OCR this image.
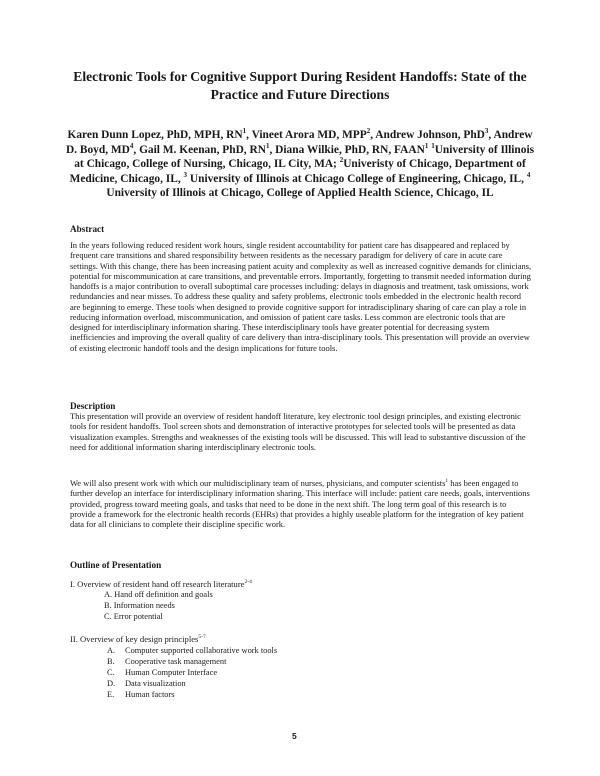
Electronic Tools for Cognitive Support During Resident Handoffs: State of the Practice and Future Directions
Karen Dunn Lopez, PhD, MPH, $RN^1$, Vineet Arora MD, MPP$^2$, Andrew Johnson, PhD$^3$, Andrew D. Boyd, $MD^4$, Gail M. Keenan, PhD, $RN^1$, Diana Wilkie, PhD, RN, FAAN$^1$ $^1$University of Illinois at Chicago, College of Nursing, Chicago, IL City, MA; $^2$Univeristy of Chicago, Department of Medicine, Chicago, IL, $^3$ University of Illinois at Chicago College of Engineering, Chicago, IL, $^4$ University of Illinois at Chicago, College of Applied Health Science, Chicago, IL
Abstract
In the years following reduced resident work hours, single resident accountability for patient care has disappeared and replaced by frequent care transitions and shared responsibility between residents as the necessary paradigm for delivery of care in acute care settings. With this change, there has been increasing patient acuity and complexity as well as increased cognitive demands for clinicians, potential for miscommunication at care transitions, and preventable errors. Importantly, forgetting to transmit needed information during handoffs is a major contribution to overall suboptimal care processes including: delays in diagnosis and treatment, task omissions, work redundancies and near misses. To address these quality and safety problems, electronic tools embedded in the electronic health record are beginning to emerge. These tools when designed to provide cognitive support for intradisciplinary sharing of care can play a role in reducing information overload, miscommunication, and omission of patient care tasks. Less common are electronic tools that are designed for interdisciplinary information sharing. These interdisciplinary tools have greater potential for decreasing system inefficiencies and improving the overall quality of care delivery than intra-disciplinary tools. This presentation will provide an overview of existing electronic handoff tools and the design implications for future tools.
Description
This presentation will provide an overview of resident handoff literature, key electronic tool design principles, and existing electronic tools for resident handoffs. Tool screen shots and demonstration of interactive prototypes for selected tools will be presented as data visualization examples. Strengths and weaknesses of the existing tools will be discussed. This will lead to substantive discussion of the need for additional information sharing interdisciplinary electronic tools.
We will also present work with which our multidisciplinary team of nurses, physicians, and computer scientists$^1$ has been engaged to further develop an interface for interdisciplinary information sharing. This interface will include: patient care needs, goals, interventions provided, progress toward meeting goals, and tasks that need to be done in the next shift. The long term goal of this research is to provide a framework for the electronic health records (EHRs) that provides a highly useable platform for the integration of key patient data for all clinicians to complete their discipline specific work.
Outline of Presentation
I. Overview of resident hand off research literature$^{2-4}$
A. Hand off definition and goals
B. Information needs
C. Error potential
II. Overview of key design principles$^{5-7}$
A. Computer supported collaborative work tools
B. Cooperative task management
C. Human Computer Interface
D. Data visualization
E. Human factors
5
